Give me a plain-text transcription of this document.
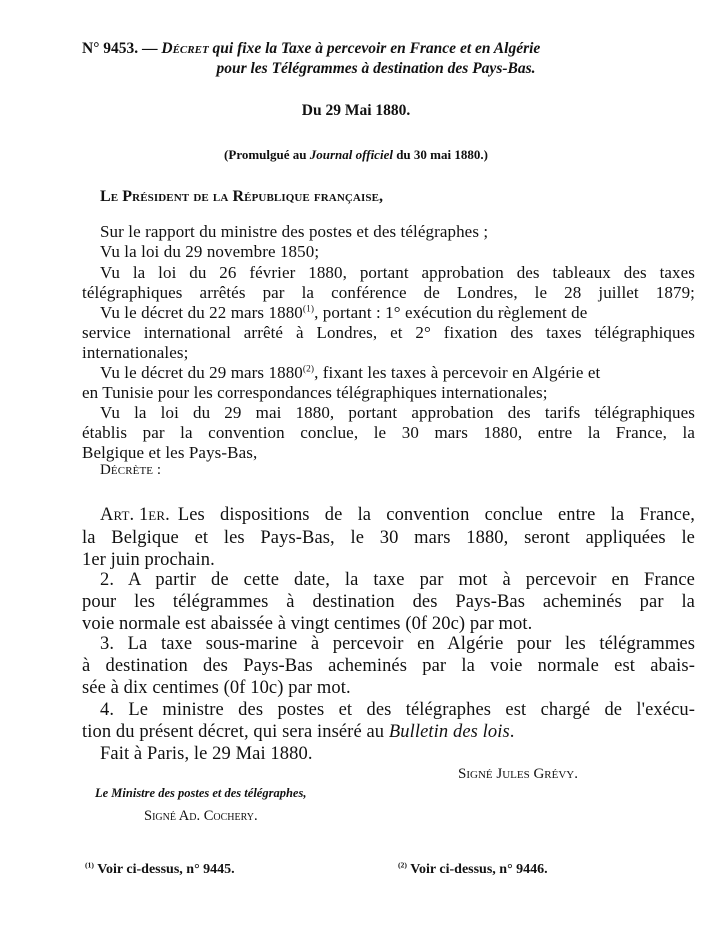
N° 9453. — Décret qui fixe la Taxe à percevoir en France et en Algérie
pour les Télégrammes à destination des Pays-Bas.
Du 29 Mai 1880.
(Promulgué au Journal officiel du 30 mai 1880.)
Le Président de la République française,
Sur le rapport du ministre des postes et des télégraphes ;
Vu la loi du 29 novembre 1850;
Vu la loi du 26 février 1880, portant approbation des tableaux des taxes
télégraphiques arrêtés par la conférence de Londres, le 28 juillet 1879;
Vu le décret du 22 mars 1880$^{(1)}$, portant : 1° exécution du règlement de
service international arrêté à Londres, et 2° fixation des taxes télégraphiques
internationales;
Vu le décret du 29 mars 1880$^{(2)}$, fixant les taxes à percevoir en Algérie et
en Tunisie pour les correspondances télégraphiques internationales;
Vu la loi du 29 mai 1880, portant approbation des tarifs télégraphiques
établis par la convention conclue, le 30 mars 1880, entre la France, la
Belgique et les Pays-Bas,
Décrète :
Art. 1er. Les dispositions de la convention conclue entre la France,
la Belgique et les Pays-Bas, le 30 mars 1880, seront appliquées le
1er juin prochain.
2. A partir de cette date, la taxe par mot à percevoir en France
pour les télégrammes à destination des Pays-Bas acheminés par la
voie normale est abaissée à vingt centimes (0f 20c) par mot.
3. La taxe sous-marine à percevoir en Algérie pour les télégrammes
à destination des Pays-Bas acheminés par la voie normale est abais-
sée à dix centimes (0f 10c) par mot.
4. Le ministre des postes et des télégraphes est chargé de l'exécu-
tion du présent décret, qui sera inséré au Bulletin des lois.
Fait à Paris, le 29 Mai 1880.
Signé Jules Grévy.
Le Ministre des postes et des télégraphes,
Signé Ad. Cochery.
$^{(1)}$ Voir ci-dessus, n° 9445.	$^{(2)}$ Voir ci-dessus, n° 9446.
